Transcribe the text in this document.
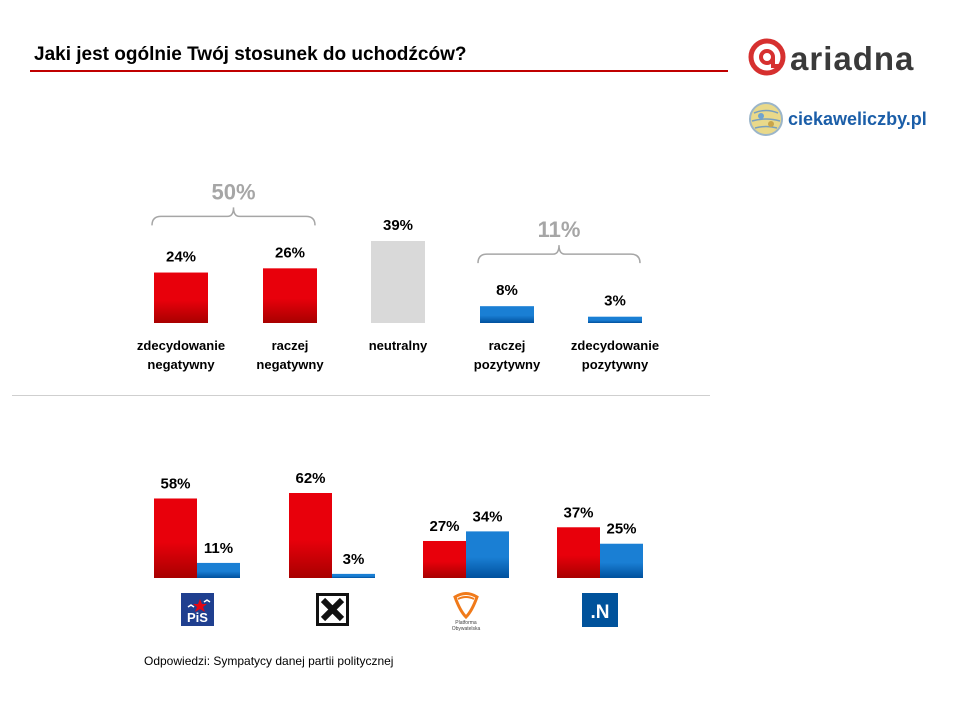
Jaki jest ogólnie Twój stosunek do uchodźców?	ariadna
ciekaweliczby.pl
24%
zdecydowanie
negatywny
26%
raczej
negatywny
39%
neutralny
8%
raczej
pozytywny
3%
zdecydowanie
pozytywny
50%
11%
58%
11%
62%
3%
27%
34%	37%
25%
PiS	Platforma
Obywatelska
.N
Odpowiedzi: Sympatycy danej partii politycznej
